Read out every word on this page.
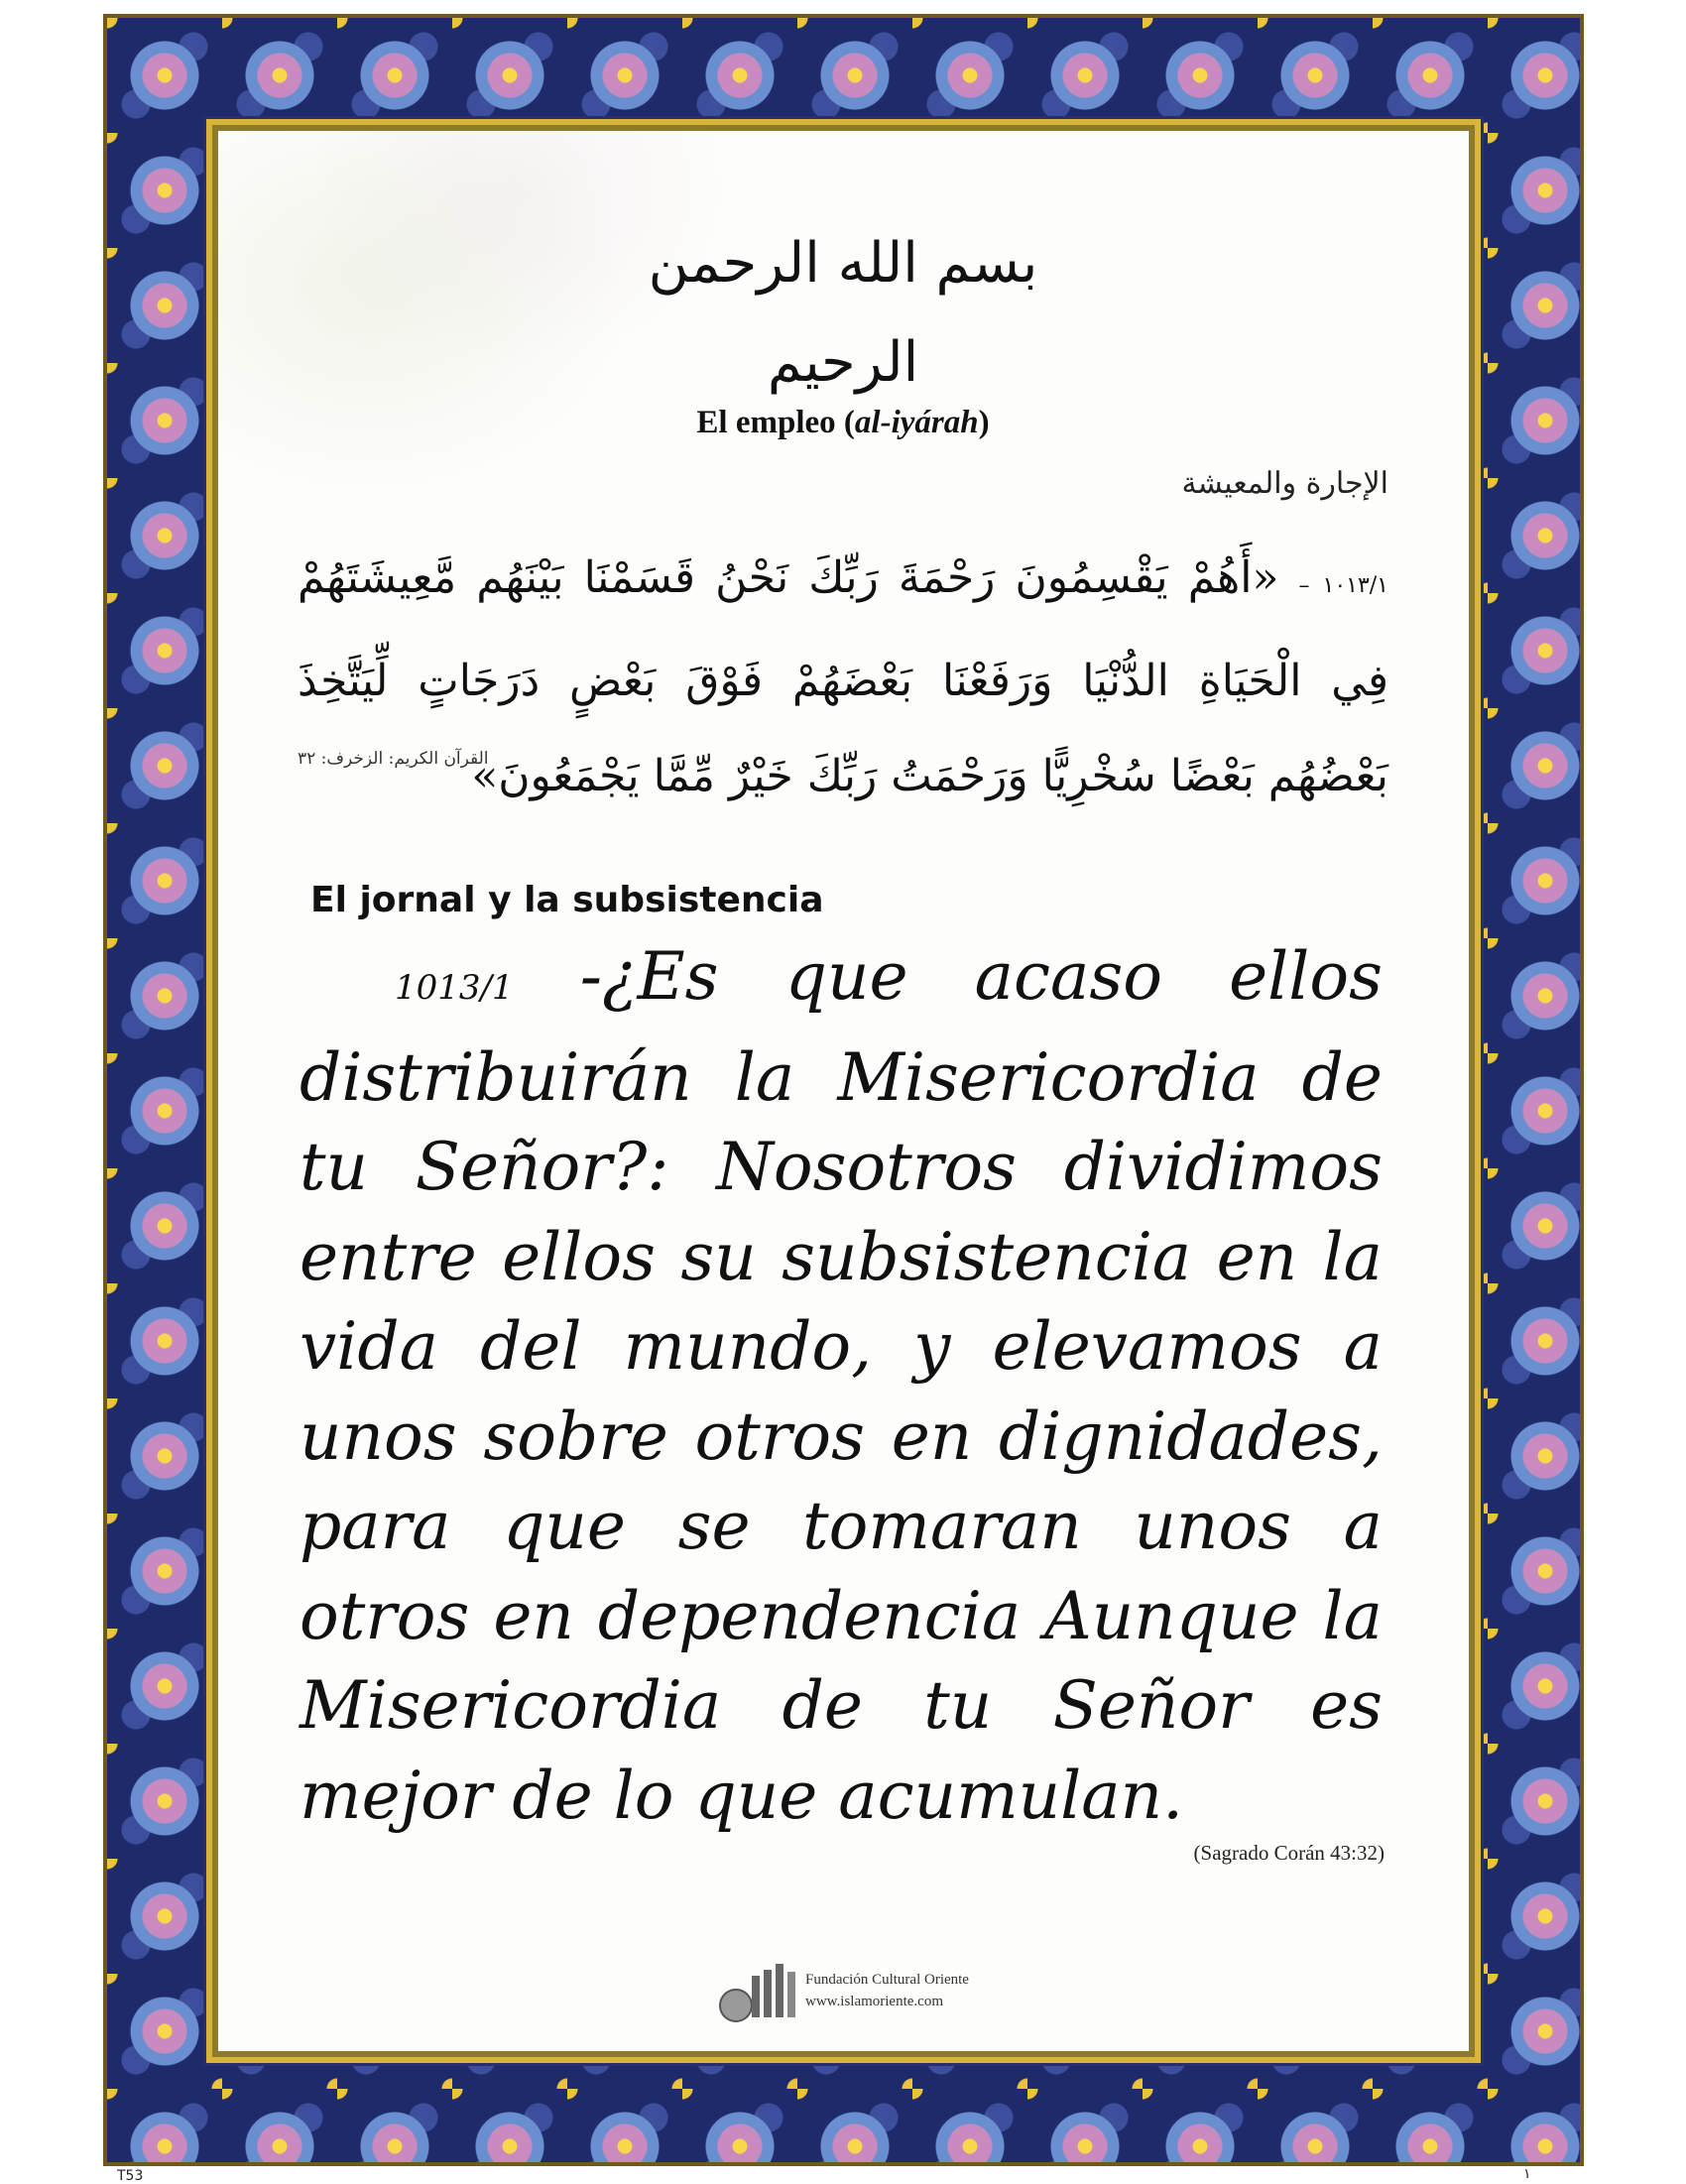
بسم الله الرحمن الرحيم
El empleo (al-iyárah)
الإجارة والمعيشة
١٠١٣/١ – «أَهُمْ يَقْسِمُونَ رَحْمَةَ رَبِّكَ نَحْنُ قَسَمْنَا بَيْنَهُم مَّعِيشَتَهُمْ فِي الْحَيَاةِ الدُّنْيَا وَرَفَعْنَا بَعْضَهُمْ فَوْقَ بَعْضٍ دَرَجَاتٍ لِّيَتَّخِذَ بَعْضُهُم بَعْضًا سُخْرِيًّا وَرَحْمَتُ رَبِّكَ خَيْرٌ مِّمَّا يَجْمَعُونَ»
القرآن الكريم: الزخرف: ٣٢
El jornal y la subsistencia
1013/1 -¿Es que acaso ellos distribuirán la Misericordia de tu Señor?: Nosotros dividimos entre ellos su subsistencia en la vida del mundo, y elevamos a unos sobre otros en dignidades, para que se tomaran unos a otros en dependencia Aunque la Misericordia de tu Señor es mejor de lo que acumulan.
(Sagrado Corán 43:32)
Fundación Cultural Oriente
www.islamoriente.com
T53	١
